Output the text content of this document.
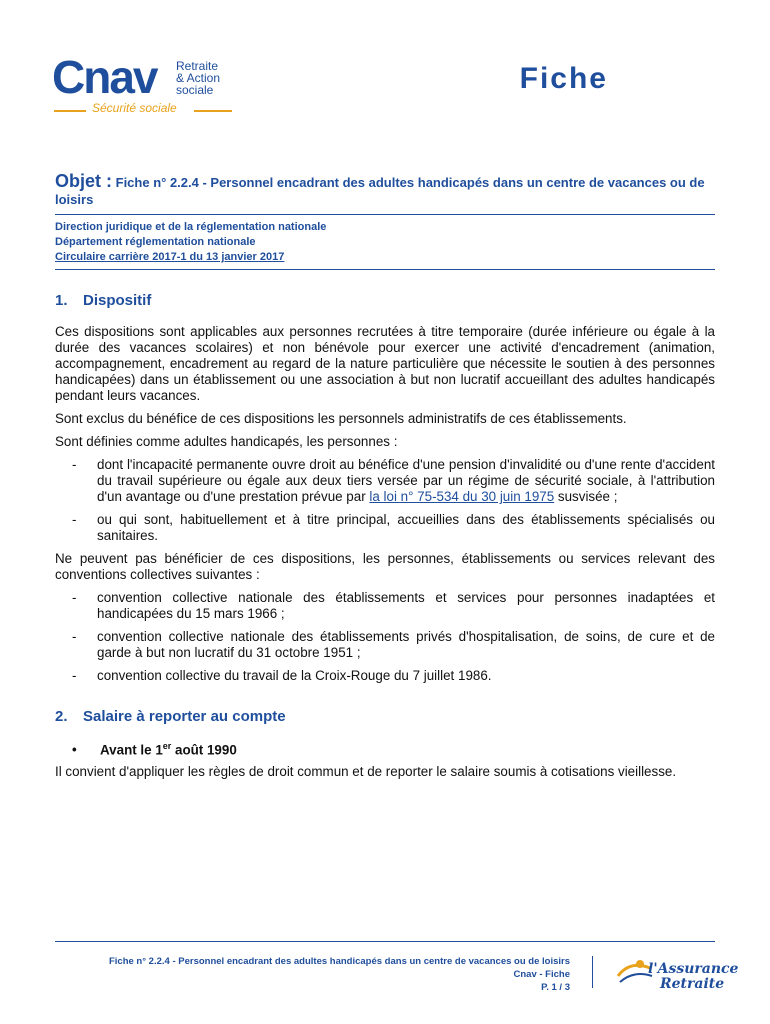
Cnav Retraite
& Action
sociale
Sécurité sociale
Fiche
Objet : Fiche n° 2.2.4 - Personnel encadrant des adultes handicapés dans un centre de vacances ou de loisirs
Direction juridique et de la réglementation nationale
Département réglementation nationale
Circulaire carrière 2017-1 du 13 janvier 2017
1. Dispositif

Ces dispositions sont applicables aux personnes recrutées à titre temporaire (durée inférieure ou égale à la durée des vacances scolaires) et non bénévole pour exercer une activité d'encadrement (animation, accompagnement, encadrement au regard de la nature particulière que nécessite le soutien à des personnes handicapées) dans un établissement ou une association à but non lucratif accueillant des adultes handicapés pendant leurs vacances.

Sont exclus du bénéfice de ces dispositions les personnels administratifs de ces établissements.

Sont définies comme adultes handicapés, les personnes :

- dont l'incapacité permanente ouvre droit au bénéfice d'une pension d'invalidité ou d'une rente d'accident du travail supérieure ou égale aux deux tiers versée par un régime de sécurité sociale, à l'attribution d'un avantage ou d'une prestation prévue par la loi n° 75-534 du 30 juin 1975 susvisée ;
- ou qui sont, habituellement et à titre principal, accueillies dans des établissements spécialisés ou sanitaires.

Ne peuvent pas bénéficier de ces dispositions, les personnes, établissements ou services relevant des conventions collectives suivantes :

- convention collective nationale des établissements et services pour personnes inadaptées et handicapées du 15 mars 1966 ;
- convention collective nationale des établissements privés d'hospitalisation, de soins, de cure et de garde à but non lucratif du 31 octobre 1951 ;
- convention collective du travail de la Croix-Rouge du 7 juillet 1986.
2. Salaire à reporter au compte
• Avant le 1er août 1990

Il convient d'appliquer les règles de droit commun et de reporter le salaire soumis à cotisations vieillesse.

Fiche n° 2.2.4 - Personnel encadrant des adultes handicapés dans un centre de vacances ou de loisirs
Cnav - Fiche
P. 1 / 3
l'Assurance
Retraite
